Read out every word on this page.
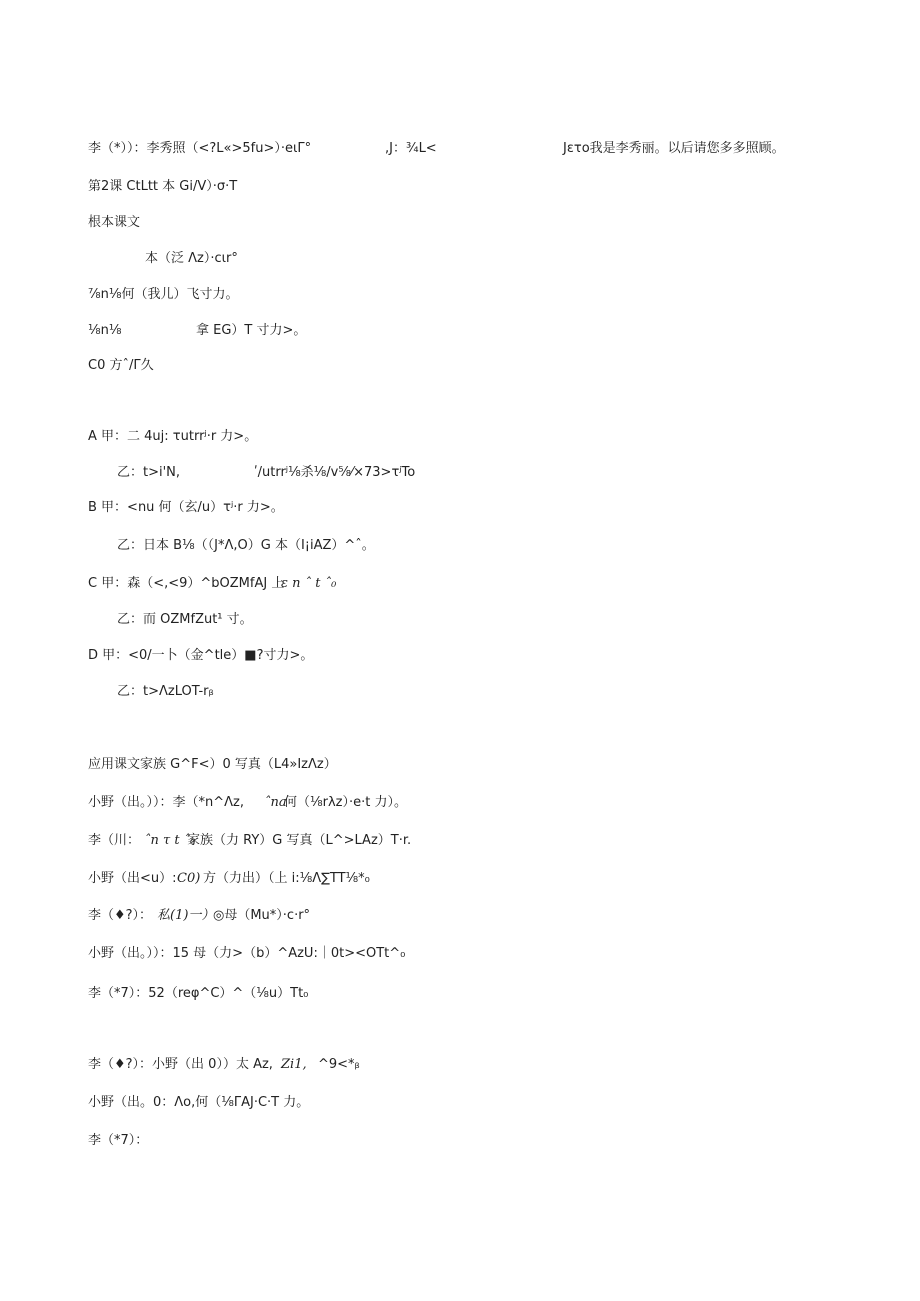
李（*））：李秀照（<?L«>5fu>）·eιΓ°	,J：¾L<	Jετo我是李秀丽。以后请您多多照顾。
第2课 CtLtt 本 Gi/V）·σ·T
根本课文
本（泛 Λz）·cιr°
⅞n⅛何（我儿）飞寸力。
⅛n⅛	拿 EG）T 寸力>。
C0 方ˆ/Γ久
A 甲：二 4uj: τutrrʲ·r 力>。
乙：t>i'N,	ʹ/utrrʲ⅛杀⅛/v⅝⁄×73>τʲTo
B 甲：<nu 何（玄/u）τʲ·r 力>。
乙：日本 B⅛（（J*Λ,O）G 本（I¡iAZ）^ˆ。
C 甲：森（<,<9）^bOZMfAJ 上
ε n ˆ t ˆ₀
乙：而 OZMfZut¹ 寸。
D 甲：<0/一卜（金^tle）■?寸力>。
乙：t>ΛzLOT-rᵦ
应用课文家族 G^F<）0 写真（L4»IzΛz）
小野（出。））：李（*n^Λz, ˆna
何（⅛rλz）·e·t 力）。
李（川： ˆn τ t ˆ₀
家族（力 RY）G 写真（L^>LAz）T·r.
小野（出<u）: C0) 方（力出）（上 i:⅛Λ∑TT⅛*₀
李（♦?）： 私(1)一）
◎母（Mu*）·c·r°
小野（出。））：15 母（力>（b）^AzU:｜0t><OTt^₀
李（*7）：52（reφ^C）^（⅛u）Tt₀
李（♦?）：小野（出 0））太 Az, Zi1, ^9<*ᵦ
小野（出。0：Λo,何（⅛ΓAJ·C·T 力。
李（*7）：
